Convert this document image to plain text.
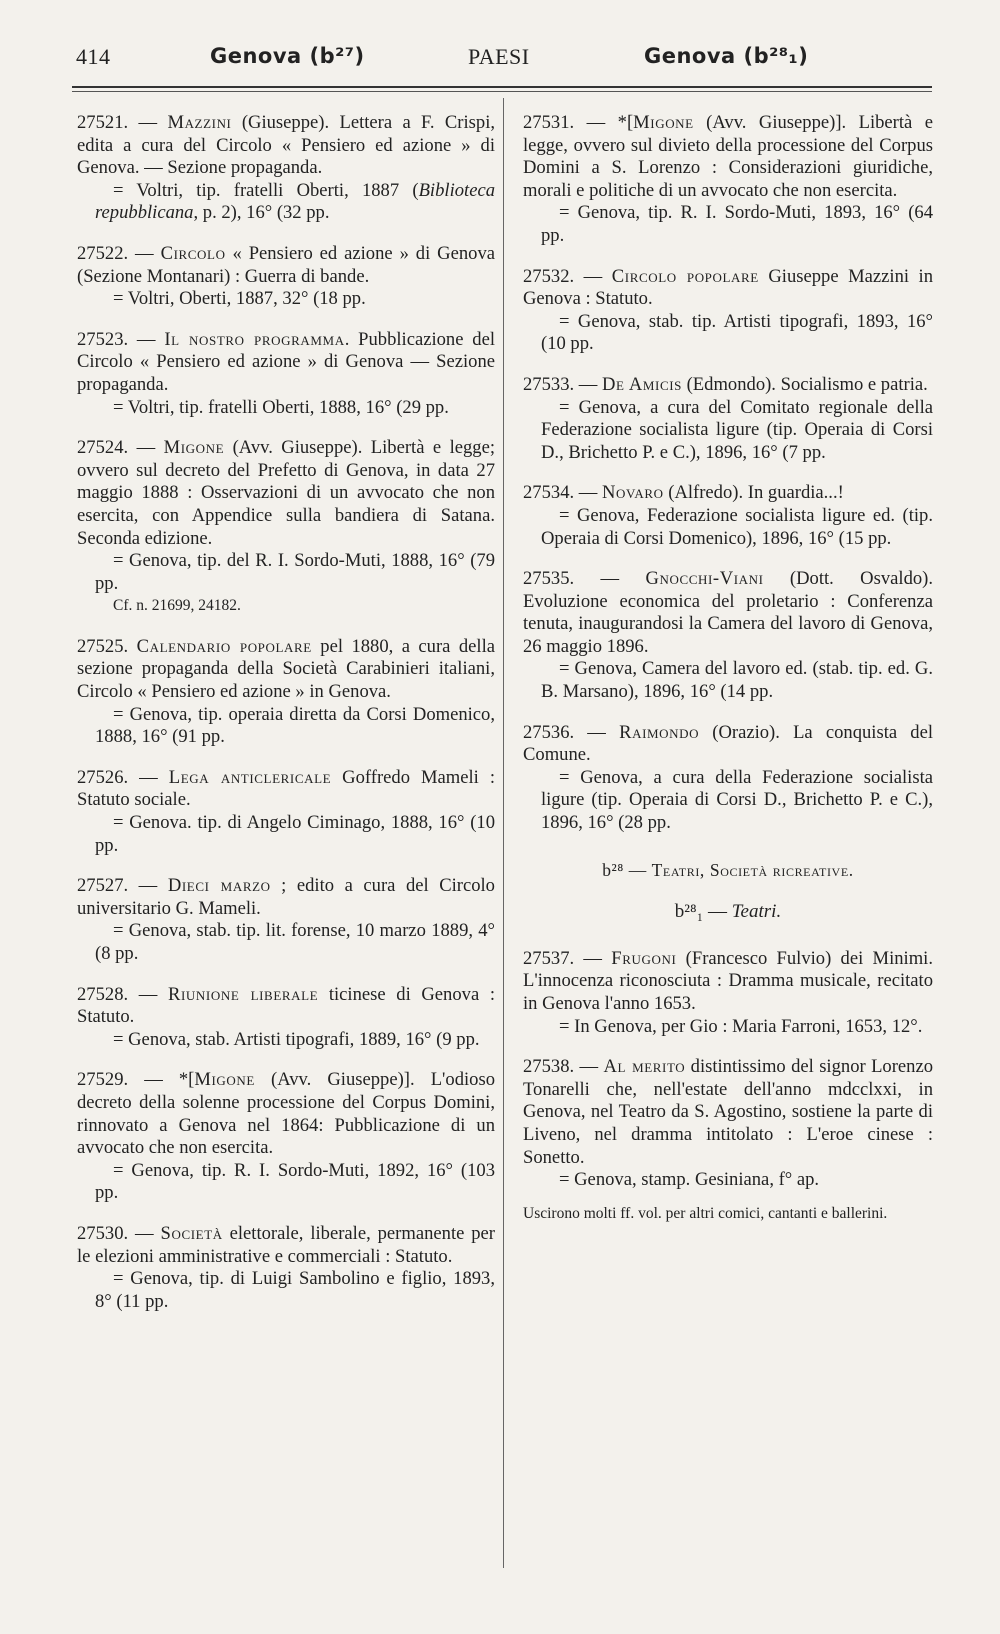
414	Genova (b²⁷)	PAESI	Genova (b²⁸₁)

27521. — Mazzini (Giuseppe). Lettera a F. Crispi, edita a cura del Circolo « Pensiero ed azione » di Genova. — Sezione propaganda.

= Voltri, tip. fratelli Oberti, 1887 (Biblioteca repubblicana, p. 2), 16° (32 pp.

27522. — Circolo « Pensiero ed azione » di Genova (Sezione Montanari) : Guerra di bande.

= Voltri, Oberti, 1887, 32° (18 pp.

27523. — Il nostro programma. Pubblicazione del Circolo « Pensiero ed azione » di Genova — Sezione propaganda.

= Voltri, tip. fratelli Oberti, 1888, 16° (29 pp.

27524. — Migone (Avv. Giuseppe). Libertà e legge; ovvero sul decreto del Prefetto di Genova, in data 27 maggio 1888 : Osservazioni di un avvocato che non esercita, con Appendice sulla bandiera di Satana. Seconda edizione.

= Genova, tip. del R. I. Sordo-Muti, 1888, 16° (79 pp.

Cf. n. 21699, 24182.

27525. Calendario popolare pel 1880, a cura della sezione propaganda della Società Carabinieri italiani, Circolo « Pensiero ed azione » in Genova.

= Genova, tip. operaia diretta da Corsi Domenico, 1888, 16° (91 pp.

27526. — Lega anticlericale Goffredo Mameli : Statuto sociale.

= Genova. tip. di Angelo Ciminago, 1888, 16° (10 pp.

27527. — Dieci marzo ; edito a cura del Circolo universitario G. Mameli.

= Genova, stab. tip. lit. forense, 10 marzo 1889, 4° (8 pp.

27528. — Riunione liberale ticinese di Genova : Statuto.

= Genova, stab. Artisti tipografi, 1889, 16° (9 pp.

27529. — *[Migone (Avv. Giuseppe)]. L'odioso decreto della solenne processione del Corpus Domini, rinnovato a Genova nel 1864: Pubblicazione di un avvocato che non esercita.

= Genova, tip. R. I. Sordo-Muti, 1892, 16° (103 pp.

27530. — Società elettorale, liberale, permanente per le elezioni amministrative e commerciali : Statuto.

= Genova, tip. di Luigi Sambolino e figlio, 1893, 8° (11 pp.

27531. — *[Migone (Avv. Giuseppe)]. Libertà e legge, ovvero sul divieto della processione del Corpus Domini a S. Lorenzo : Considerazioni giuridiche, morali e politiche di un avvocato che non esercita.

= Genova, tip. R. I. Sordo-Muti, 1893, 16° (64 pp.

27532. — Circolo popolare Giuseppe Mazzini in Genova : Statuto.

= Genova, stab. tip. Artisti tipografi, 1893, 16° (10 pp.

27533. — De Amicis (Edmondo). Socialismo e patria.

= Genova, a cura del Comitato regionale della Federazione socialista ligure (tip. Operaia di Corsi D., Brichetto P. e C.), 1896, 16° (7 pp.

27534. — Novaro (Alfredo). In guardia...!

= Genova, Federazione socialista ligure ed. (tip. Operaia di Corsi Domenico), 1896, 16° (15 pp.

27535. — Gnocchi-Viani (Dott. Osvaldo). Evoluzione economica del proletario : Conferenza tenuta, inaugurandosi la Camera del lavoro di Genova, 26 maggio 1896.

= Genova, Camera del lavoro ed. (stab. tip. ed. G. B. Marsano), 1896, 16° (14 pp.

27536. — Raimondo (Orazio). La conquista del Comune.

= Genova, a cura della Federazione socialista ligure (tip. Operaia di Corsi D., Brichetto P. e C.), 1896, 16° (28 pp.

b²⁸ — Teatri, Società ricreative.
b²⁸₁ — Teatri.

27537. — Frugoni (Francesco Fulvio) dei Minimi. L'innocenza riconosciuta : Dramma musicale, recitato in Genova l'anno 1653.

= In Genova, per Gio : Maria Farroni, 1653, 12°.

27538. — Al merito distintissimo del signor Lorenzo Tonarelli che, nell'estate dell'anno mdcclxxi, in Genova, nel Teatro da S. Agostino, sostiene la parte di Liveno, nel dramma intitolato : L'eroe cinese : Sonetto.

= Genova, stamp. Gesiniana, f° ap.

Uscirono molti ff. vol. per altri comici, cantanti e ballerini.
